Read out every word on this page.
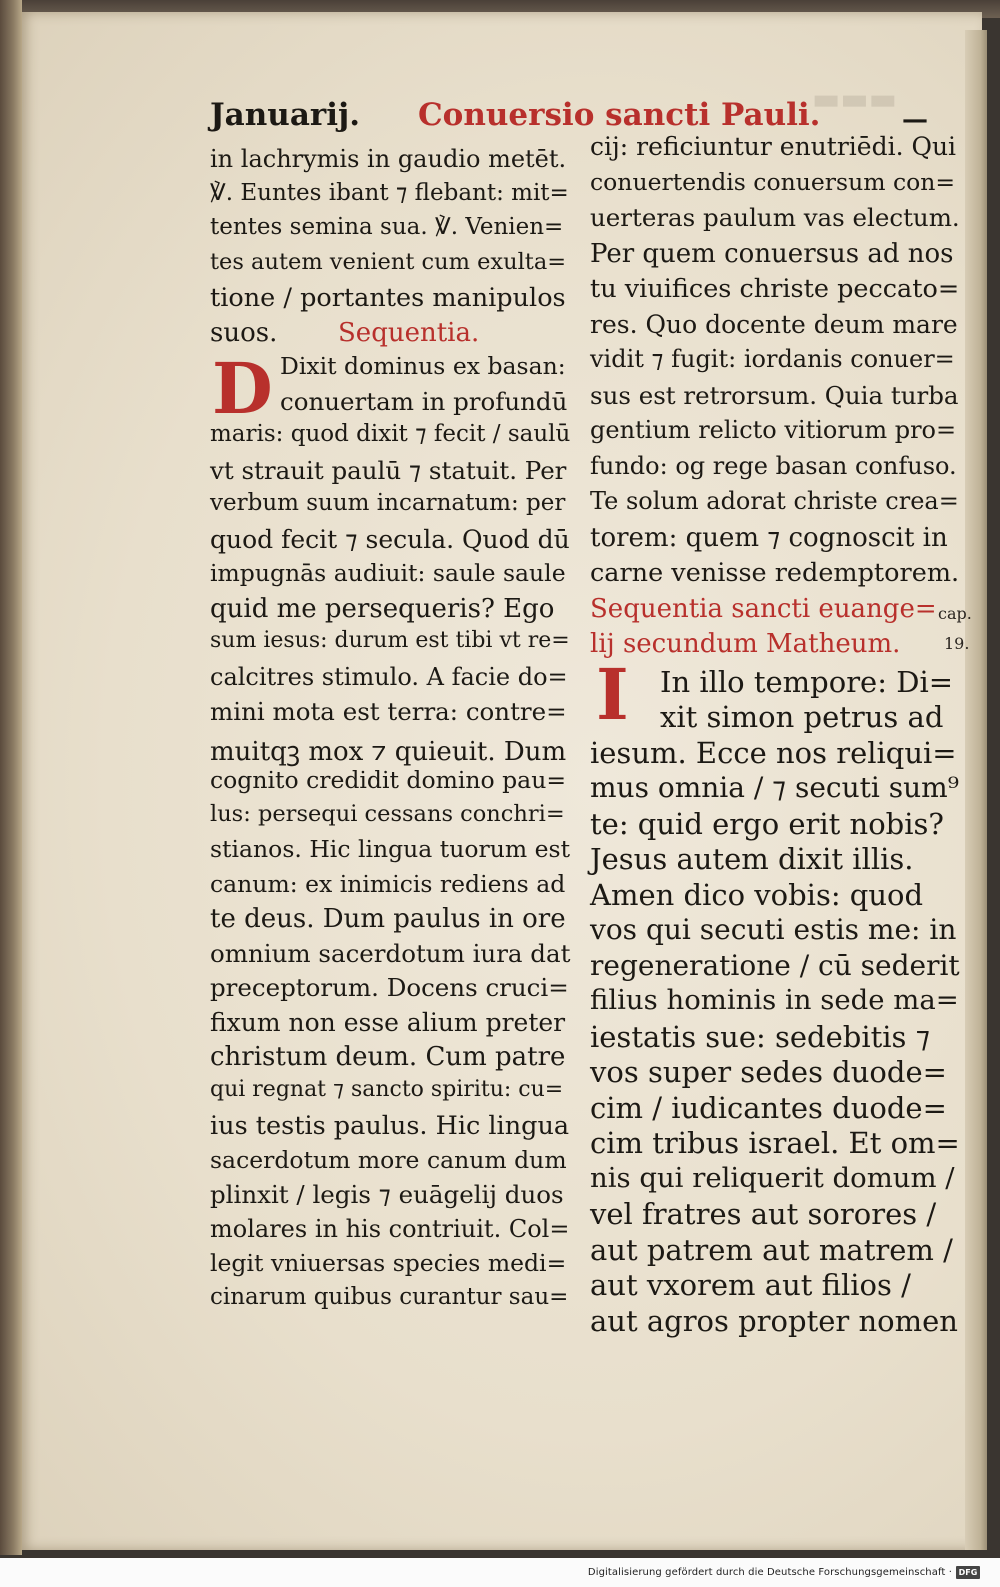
▬▬▬
Januarij. Conuersio sancti Pauli.	—
in lachrymis in gaudio metēt.
℣. Euntes ibant ⁊ flebant: mit=
tentes semina sua. ℣. Venien=
tes autem venient cum exulta=
tione / portantes manipulos
suos. Sequentia.
Dixit dominus ex basan:
conuertam in profundū
maris: quod dixit ⁊ fecit / saulū
vt strauit paulū ⁊ statuit. Per
verbum suum incarnatum: per
quod fecit ⁊ secula. Quod dū
impugnās audiuit: saule saule
quid me persequeris? Ego
sum iesus: durum est tibi vt re=
calcitres stimulo. A facie do=
mini mota est terra: contre=
muitqꝫ mox ⁊ quieuit. Dum
cognito credidit domino pau=
lus: persequi cessans conchri=
stianos. Hic lingua tuorum est
canum: ex inimicis rediens ad
te deus. Dum paulus in ore
omnium sacerdotum iura dat
preceptorum. Docens cruci=
fixum non esse alium preter
christum deum. Cum patre
qui regnat ⁊ sancto spiritu: cu=
ius testis paulus. Hic lingua
sacerdotum more canum dum
plinxit / legis ⁊ euāgelij duos
molares in his contriuit. Col=
legit vniuersas species medi=
cinarum quibus curantur sau=
cij: reficiuntur enutriēdi. Qui
conuertendis conuersum con=
uerteras paulum vas electum.
Per quem conuersus ad nos
tu viuifices christe peccato=
res. Quo docente deum mare
vidit ⁊ fugit: iordanis conuer=
sus est retrorsum. Quia turba
gentium relicto vitiorum pro=
fundo: og rege basan confuso.
Te solum adorat christe crea=
torem: quem ⁊ cognoscit in
carne venisse redemptorem.
Sequentia sancti euange=
lij secundum Matheum.
In illo tempore: Di=
xit simon petrus ad
iesum. Ecce nos reliqui=
mus omnia / ⁊ secuti sum⁹
te: quid ergo erit nobis?
Jesus autem dixit illis.
Amen dico vobis: quod
vos qui secuti estis me: in
regeneratione / cū sederit
filius hominis in sede ma=
iestatis sue: sedebitis ⁊
vos super sedes duode=
cim / iudicantes duode=
cim tribus israel. Et om=
nis qui reliquerit domum /
vel fratres aut sorores /
aut patrem aut matrem /
aut vxorem aut filios /
aut agros propter nomen
D
I
cap.
19.
Digitalisierung gefördert durch die Deutsche Forschungsgemeinschaft · DFG
